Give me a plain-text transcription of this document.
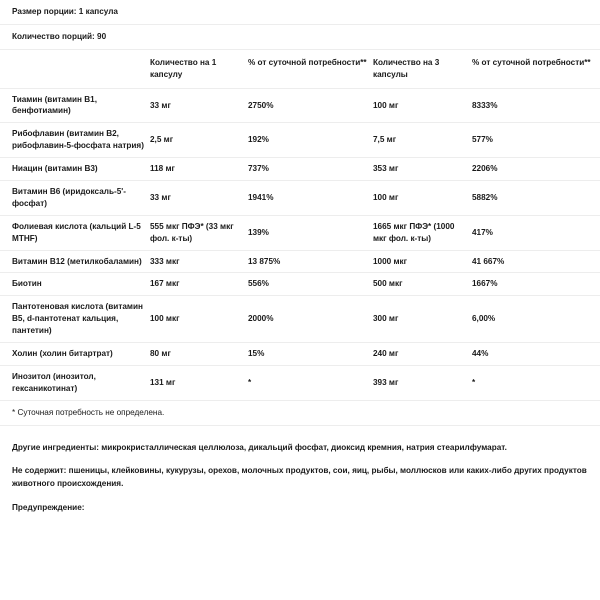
Размер порции: 1 капсула				
Количество порций: 90				
	Количество на 1 капсулу	% от суточной потребности**	Количество на 3 капсулы	% от суточной потребности**
Тиамин (витамин B1, бенфотиамин)	33 мг	2750%	100 мг	8333%
Рибофлавин (витамин B2, рибофлавин-5-фосфата натрия)	2,5 мг	192%	7,5 мг	577%
Ниацин (витамин B3)	118 мг	737%	353 мг	2206%
Витамин B6 (иридоксаль-5'-фосфат)	33 мг	1941%	100 мг	5882%
Фолиевая кислота (кальций L-5 MTHF)	555 мкг ПФЭ* (33 мкг фол. к-ты)	139%	1665 мкг ПФЭ* (1000 мкг фол. к-ты)	417%
Витамин B12 (метилкобаламин)	333 мкг	13 875%	1000 мкг	41 667%
Биотин	167 мкг	556%	500 мкг	1667%
Пантотеновая кислота (витамин B5, d-пантотенат кальция, пантетин)	100 мкг	2000%	300 мг	6,00%
Холин (холин битартрат)	80 мг	15%	240 мг	44%
Инозитол (инозитол, гексаникотинат)	131 мг	*	393 мг	*
* Суточная потребность не определена.				

Другие ингредиенты: микрокристаллическая целлюлоза, дикальций фосфат, диоксид кремния, натрия стеарилфумарат.

Не содержит: пшеницы, клейковины, кукурузы, орехов, молочных продуктов, сои, яиц, рыбы, моллюсков или каких-либо других продуктов животного происхождения.

Предупреждение:
